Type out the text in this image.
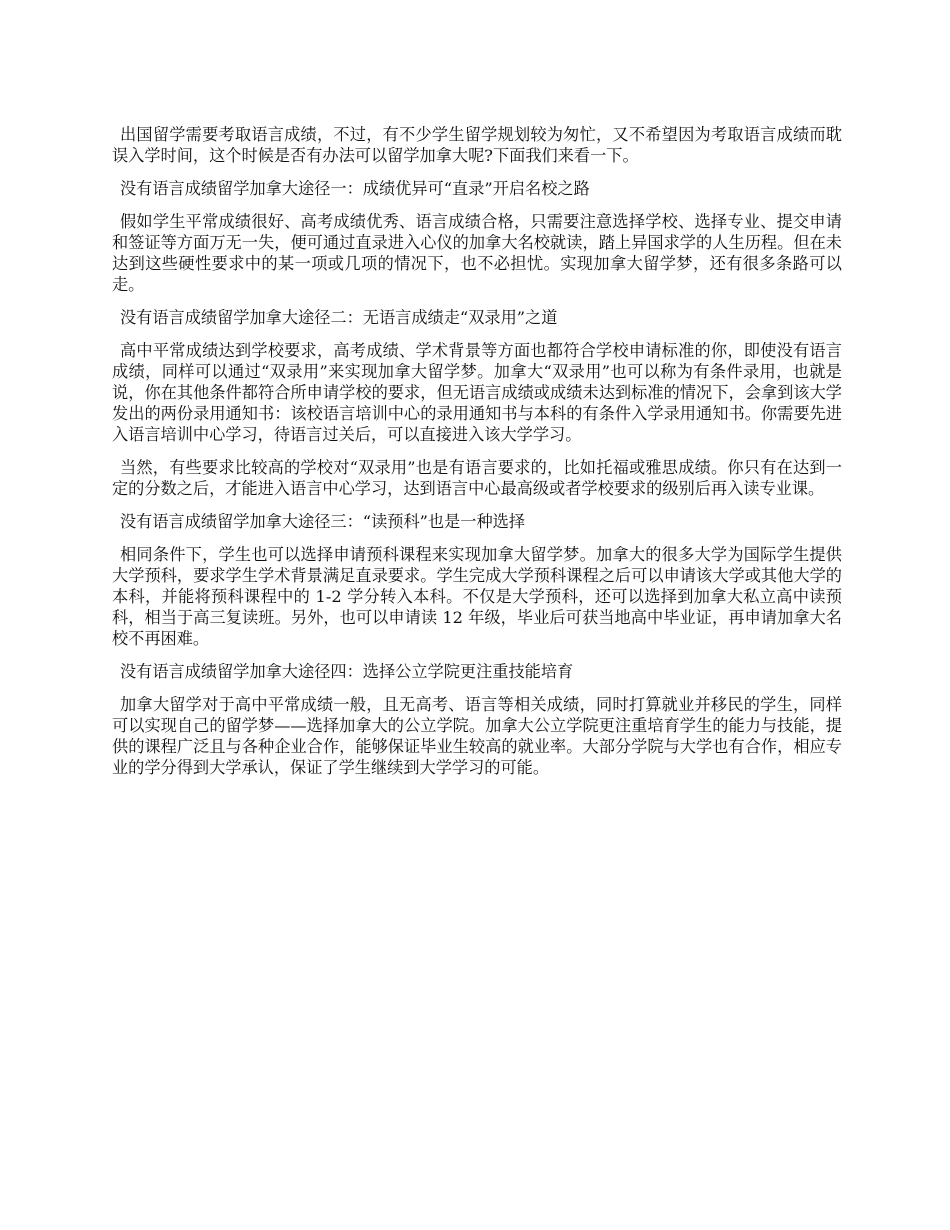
出国留学需要考取语言成绩，不过，有不少学生留学规划较为匆忙，又不希望因为考取语言成绩而耽误入学时间，这个时候是否有办法可以留学加拿大呢?下面我们来看一下。

没有语言成绩留学加拿大途径一：成绩优异可“直录”开启名校之路

假如学生平常成绩很好、高考成绩优秀、语言成绩合格，只需要注意选择学校、选择专业、提交申请和签证等方面万无一失，便可通过直录进入心仪的加拿大名校就读，踏上异国求学的人生历程。但在未达到这些硬性要求中的某一项或几项的情况下，也不必担忧。实现加拿大留学梦，还有很多条路可以走。

没有语言成绩留学加拿大途径二：无语言成绩走“双录用”之道

高中平常成绩达到学校要求，高考成绩、学术背景等方面也都符合学校申请标准的你，即使没有语言成绩，同样可以通过“双录用”来实现加拿大留学梦。加拿大“双录用”也可以称为有条件录用，也就是说，你在其他条件都符合所申请学校的要求，但无语言成绩或成绩未达到标准的情况下，会拿到该大学发出的两份录用通知书：该校语言培训中心的录用通知书与本科的有条件入学录用通知书。你需要先进入语言培训中心学习，待语言过关后，可以直接进入该大学学习。

当然，有些要求比较高的学校对“双录用”也是有语言要求的，比如托福或雅思成绩。你只有在达到一定的分数之后，才能进入语言中心学习，达到语言中心最高级或者学校要求的级别后再入读专业课。

没有语言成绩留学加拿大途径三：“读预科”也是一种选择

相同条件下，学生也可以选择申请预科课程来实现加拿大留学梦。加拿大的很多大学为国际学生提供大学预科，要求学生学术背景满足直录要求。学生完成大学预科课程之后可以申请该大学或其他大学的本科，并能将预科课程中的 1-2 学分转入本科。不仅是大学预科，还可以选择到加拿大私立高中读预科，相当于高三复读班。另外，也可以申请读 12 年级，毕业后可获当地高中毕业证，再申请加拿大名校不再困难。

没有语言成绩留学加拿大途径四：选择公立学院更注重技能培育

加拿大留学对于高中平常成绩一般，且无高考、语言等相关成绩，同时打算就业并移民的学生，同样可以实现自己的留学梦——选择加拿大的公立学院。加拿大公立学院更注重培育学生的能力与技能，提供的课程广泛且与各种企业合作，能够保证毕业生较高的就业率。大部分学院与大学也有合作，相应专业的学分得到大学承认，保证了学生继续到大学学习的可能。
